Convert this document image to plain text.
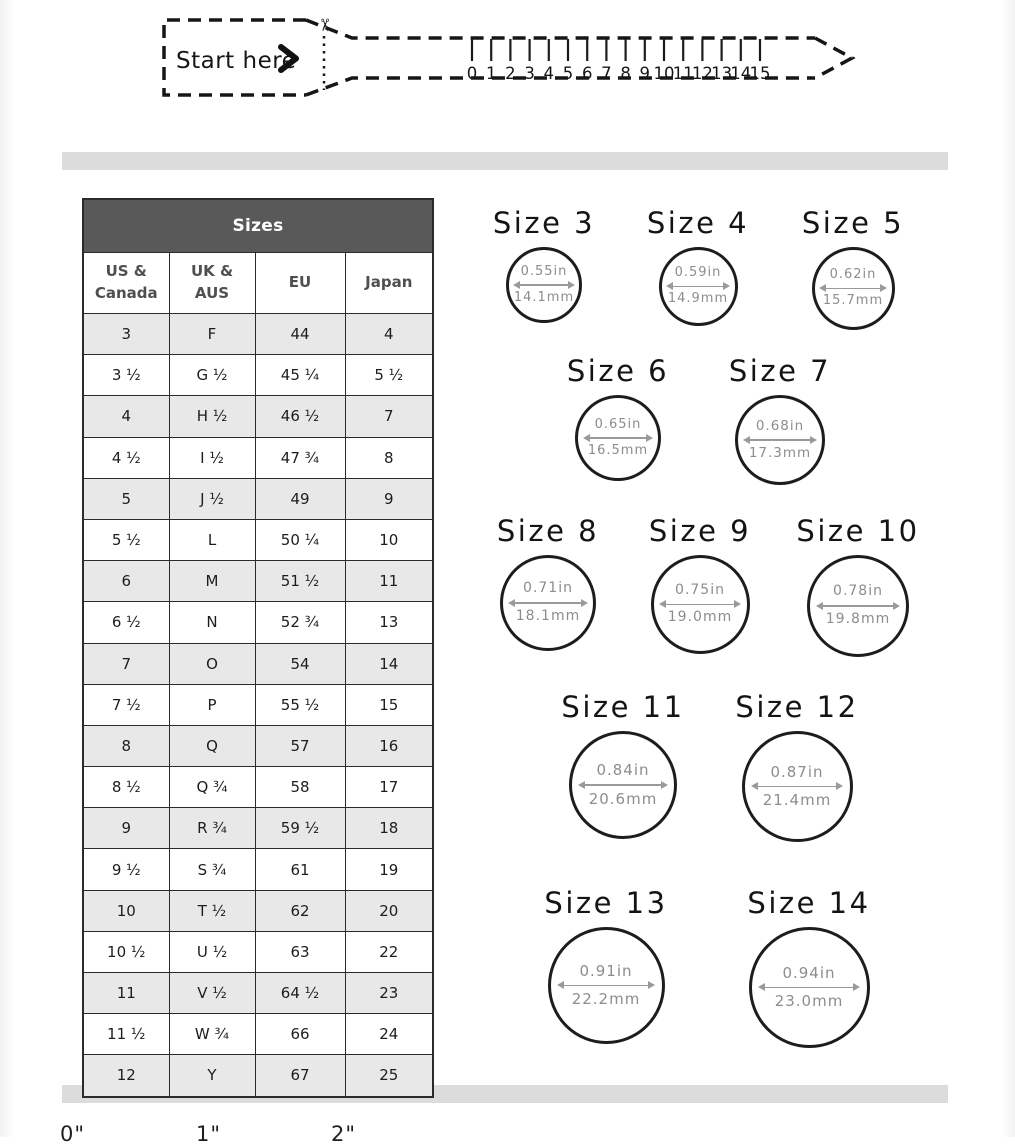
✂
Start here	0 1 2 3 4 5 6 7 8 9 10
11
12
13
14
15
Sizes			
US & Canada	UK & AUS	EU	Japan
3	F	44	4
3 ½	G ½	45 ¼	5 ½
4	H ½	46 ½	7
4 ½	I ½	47 ¾	8
5	J ½	49	9
5 ½	L	50 ¼	10
6	M	51 ½	11
6 ½	N	52 ¾	13
7	O	54	14
7 ½	P	55 ½	15
8	Q	57	16
8 ½	Q ¾	58	17
9	R ¾	59 ½	18
9 ½	S ¾	61	19
10	T ½	62	20
10 ½	U ½	63	22
11	V ½	64 ½	23
11 ½	W ¾	66	24
12	Y	67	25
Size 3
0.55in
14.1mm
Size 4
0.59in
14.9mm
Size 5
0.62in
15.7mm
Size 6
0.65in
16.5mm
Size 7
0.68in
17.3mm
Size 8
0.71in
18.1mm
Size 9
0.75in
19.0mm
Size 10
0.78in
19.8mm
Size 11
0.84in
20.6mm
Size 12
0.87in
21.4mm
Size 13
0.91in
22.2mm
Size 14
0.94in
23.0mm
0"	1"	2"
